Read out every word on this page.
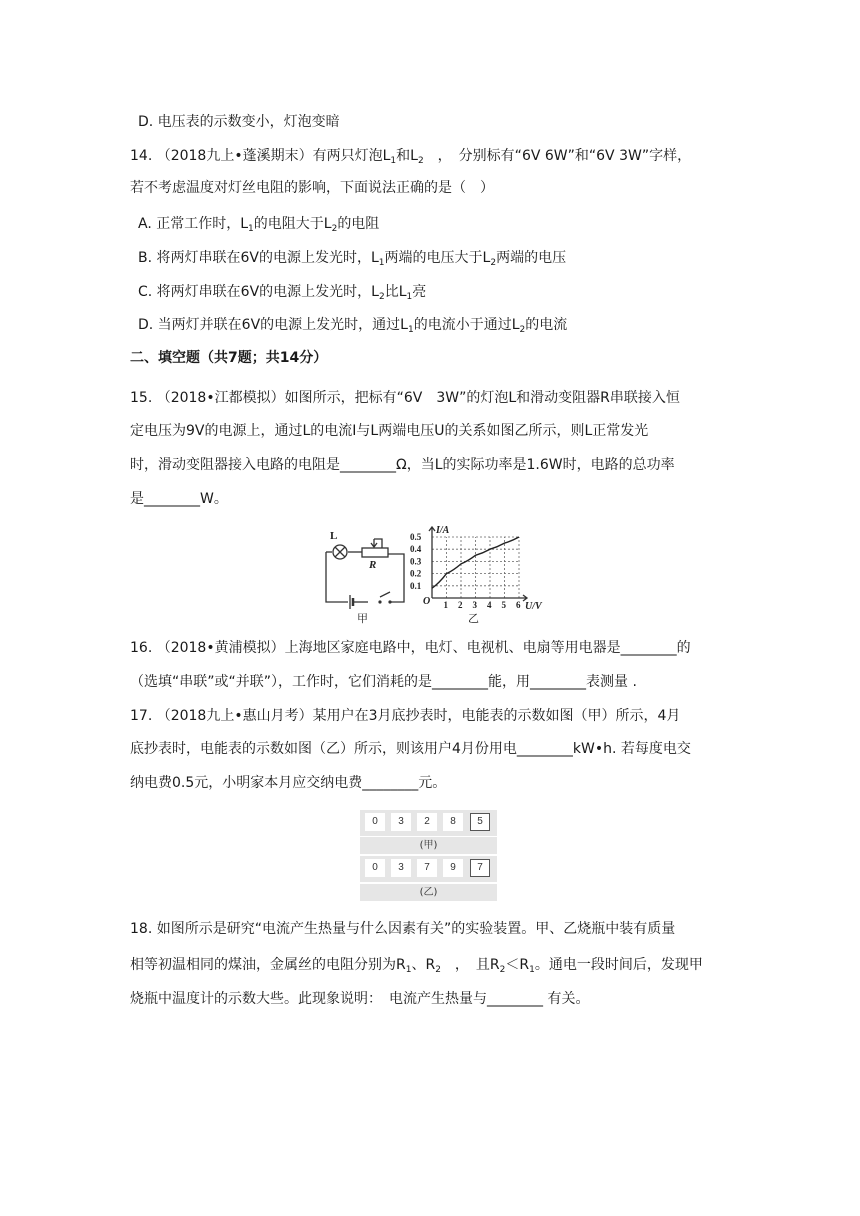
D. 电压表的示数变小，灯泡变暗
14. （2018九上•蓬溪期末）有两只灯泡$L_1$和$L_2$　，　分别标有“6V 6W”和“6V 3W”字样，
若不考虑温度对灯丝电阻的影响，下面说法正确的是（　）
A. 正常工作时，$L_1$的电阻大于$L_2$的电阻
B. 将两灯串联在6V的电源上发光时，$L_1$两端的电压大于$L_2$两端的电压
C. 将两灯串联在6V的电源上发光时，$L_2$比$L_1$亮
D. 当两灯并联在6V的电源上发光时，通过$L_1$的电流小于通过$L_2$的电流
二、填空题（共7题；共14分）
15. （2018•江都模拟）如图所示，把标有“6V　3W”的灯泡L和滑动变阻器R串联接入恒
定电压为9V的电源上，通过L的电流I与L两端电压U的关系如图乙所示，则L正常发光
时，滑动变阻器接入电路的电阻是________Ω，当L的实际功率是1.6W时，电路的总功率
是________W。
L
R
甲
1 2 3 4 5 6
0.1
0.2
0.3
0.4
0.5
I/A
U/V
O
乙
16. （2018•黄浦模拟）上海地区家庭电路中，电灯、电视机、电扇等用电器是________的
（选填“串联”或“并联”），工作时，它们消耗的是________能，用________表测量 .
17. （2018九上•惠山月考）某用户在3月底抄表时，电能表的示数如图（甲）所示，4月
底抄表时，电能表的示数如图（乙）所示，则该用户4月份用电________kW•h. 若每度电交
纳电费0.5元，小明家本月应交纳电费________元。
0	3	2	8	5
(甲)
0	3	7	9	7
(乙)
18. 如图所示是研究“电流产生热量与什么因素有关”的实验装置。甲、乙烧瓶中装有质量
相等初温相同的煤油，金属丝的电阻分别为$R_1$、$R_2$　，　且$R_2<R_1$。通电一段时间后，发现甲
烧瓶中温度计的示数大些。此现象说明：　电流产生热量与________ 有关。
